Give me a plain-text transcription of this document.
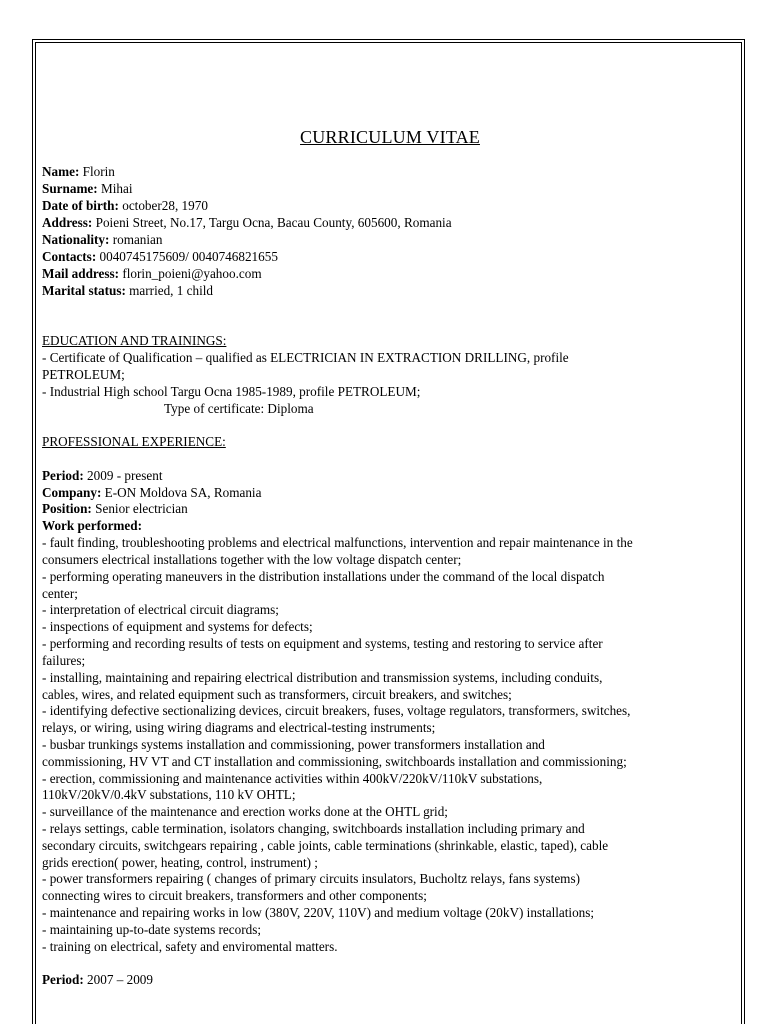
CURRICULUM VITAE
Name: Florin
Surname: Mihai
Date of birth: october28, 1970
Address: Poieni Street, No.17, Targu Ocna, Bacau County, 605600, Romania
Nationality: romanian
Contacts: 0040745175609/ 0040746821655
Mail address: florin_poieni@yahoo.com
Marital status: married, 1 child
EDUCATION AND TRAININGS:
- Certificate of Qualification – qualified as ELECTRICIAN IN EXTRACTION DRILLING, profile
PETROLEUM;
- Industrial High school Targu Ocna 1985-1989, profile PETROLEUM;
Type of certificate: Diploma
PROFESSIONAL EXPERIENCE:
Period: 2009 - present
Company: E-ON Moldova SA, Romania
Position: Senior electrician
Work performed:
- fault finding, troubleshooting problems and electrical malfunctions, intervention and repair maintenance in the
consumers electrical installations together with the low voltage dispatch center;
- performing operating maneuvers in the distribution installations under the command of the local dispatch
center;
- interpretation of electrical circuit diagrams;
- inspections of equipment and systems for defects;
- performing and recording results of tests on equipment and systems, testing and restoring to service after
failures;
- installing, maintaining and repairing electrical distribution and transmission systems, including conduits,
cables, wires, and related equipment such as transformers, circuit breakers, and switches;
- identifying defective sectionalizing devices, circuit breakers, fuses, voltage regulators, transformers, switches,
relays, or wiring, using wiring diagrams and electrical-testing instruments;
- busbar trunkings systems installation and commissioning, power transformers installation and
commissioning, HV VT and CT installation and commissioning, switchboards installation and commissioning;
- erection, commissioning and maintenance activities within 400kV/220kV/110kV substations,
110kV/20kV/0.4kV substations, 110 kV OHTL;
- surveillance of the maintenance and erection works done at the OHTL grid;
- relays settings, cable termination, isolators changing, switchboards installation including primary and
secondary circuits, switchgears repairing , cable joints, cable terminations (shrinkable, elastic, taped), cable
grids erection( power, heating, control, instrument) ;
- power transformers repairing ( changes of primary circuits insulators, Bucholtz relays, fans systems)
connecting wires to circuit breakers, transformers and other components;
- maintenance and repairing works in low (380V, 220V, 110V) and medium voltage (20kV) installations;
- maintaining up-to-date systems records;
- training on electrical, safety and enviromental matters.
Period: 2007 – 2009
